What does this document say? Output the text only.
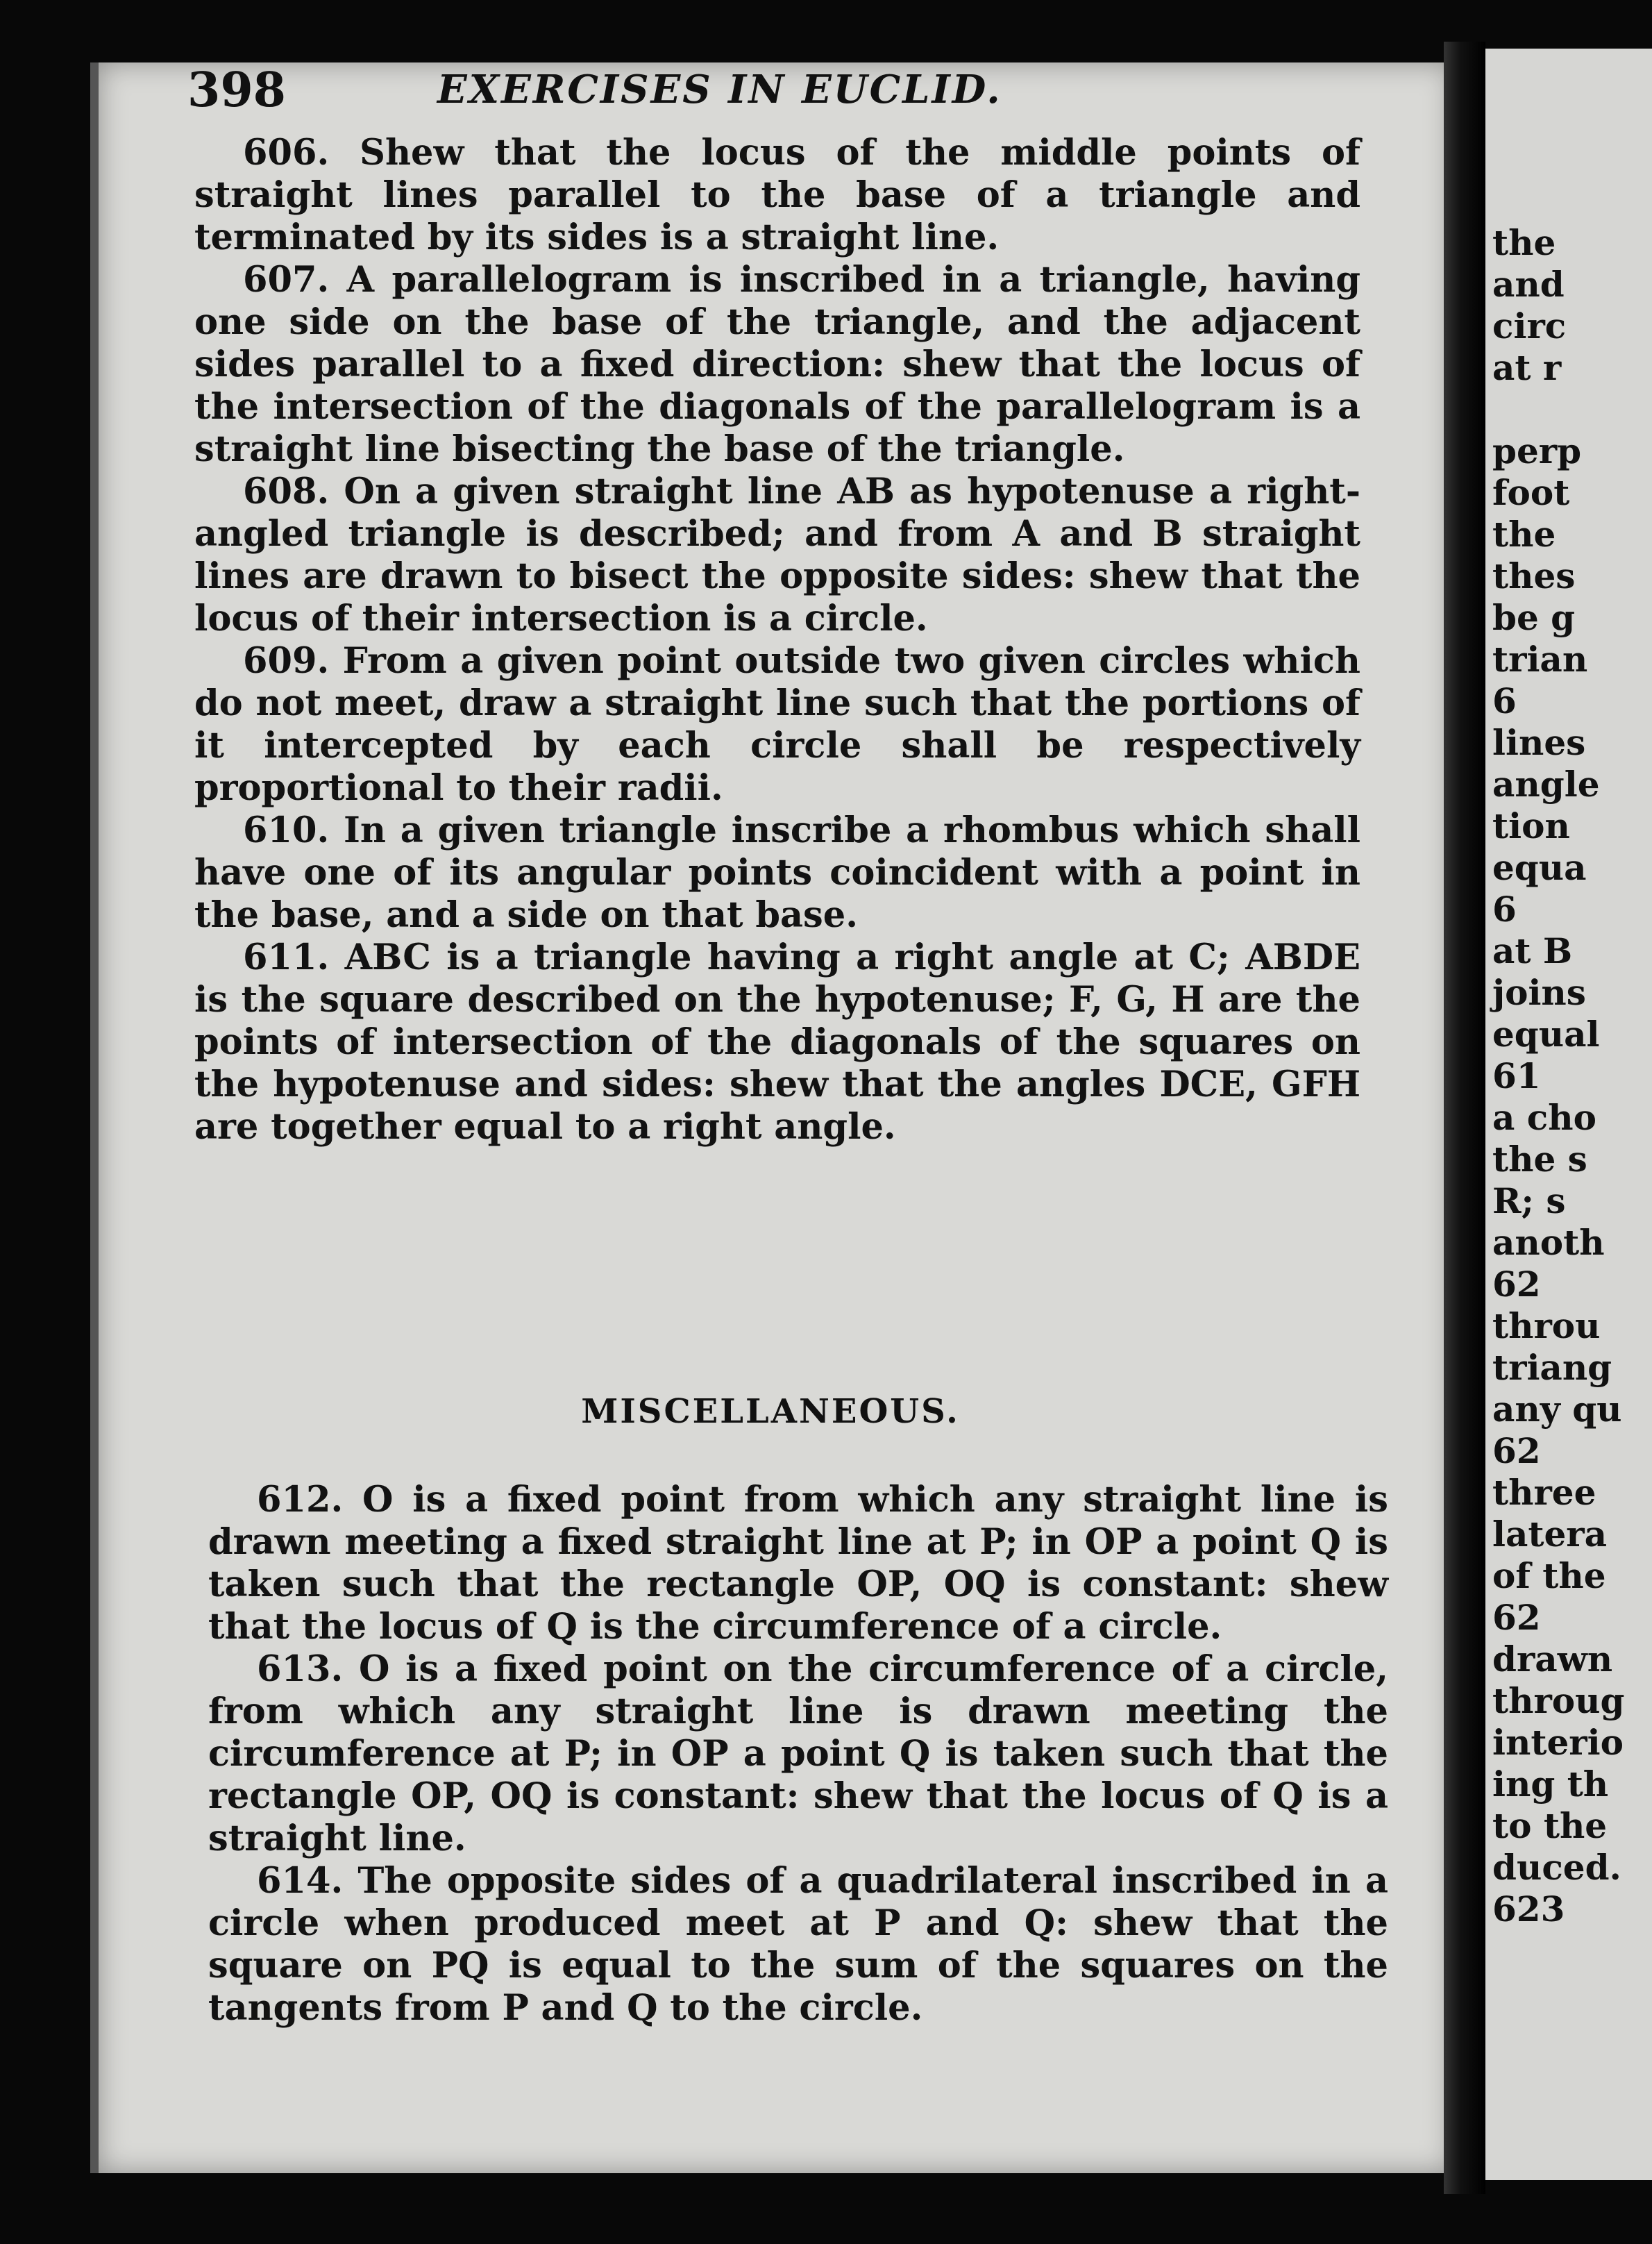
398	EXERCISES IN EUCLID.

606. Shew that the locus of the middle points of straight lines parallel to the base of a triangle and terminated by its sides is a straight line.

607. A parallelogram is inscribed in a triangle, having one side on the base of the triangle, and the adjacent sides parallel to a fixed direction: shew that the locus of the intersection of the diagonals of the parallelogram is a straight line bisecting the base of the triangle.

608. On a given straight line AB as hypotenuse a right-angled triangle is described; and from A and B straight lines are drawn to bisect the opposite sides: shew that the locus of their intersection is a circle.

609. From a given point outside two given circles which do not meet, draw a straight line such that the portions of it intercepted by each circle shall be respectively proportional to their radii.

610. In a given triangle inscribe a rhombus which shall have one of its angular points coincident with a point in the base, and a side on that base.

611. ABC is a triangle having a right angle at C; ABDE is the square described on the hypotenuse; F, G, H are the points of intersection of the diagonals of the squares on the hypotenuse and sides: shew that the angles DCE, GFH are together equal to a right angle.

MISCELLANEOUS.

612. O is a fixed point from which any straight line is drawn meeting a fixed straight line at P; in OP a point Q is taken such that the rectangle OP, OQ is constant: shew that the locus of Q is the circumference of a circle.

613. O is a fixed point on the circumference of a circle, from which any straight line is drawn meeting the circumference at P; in OP a point Q is taken such that the rectangle OP, OQ is constant: shew that the locus of Q is a straight line.

614. The opposite sides of a quadrilateral inscribed in a circle when produced meet at P and Q: shew that the square on PQ is equal to the sum of the squares on the tangents from P and Q to the circle.

the
and
circ
at r
perp
foot
the
thes
be g
trian
6
lines
angle
tion
equa
6
at B
joins
equal
61
a cho
the s
R; s
anoth
62
throu
triang
any qu
62
three
latera
of the
62
drawn
throug
interio
ing th
to the
duced.
623
